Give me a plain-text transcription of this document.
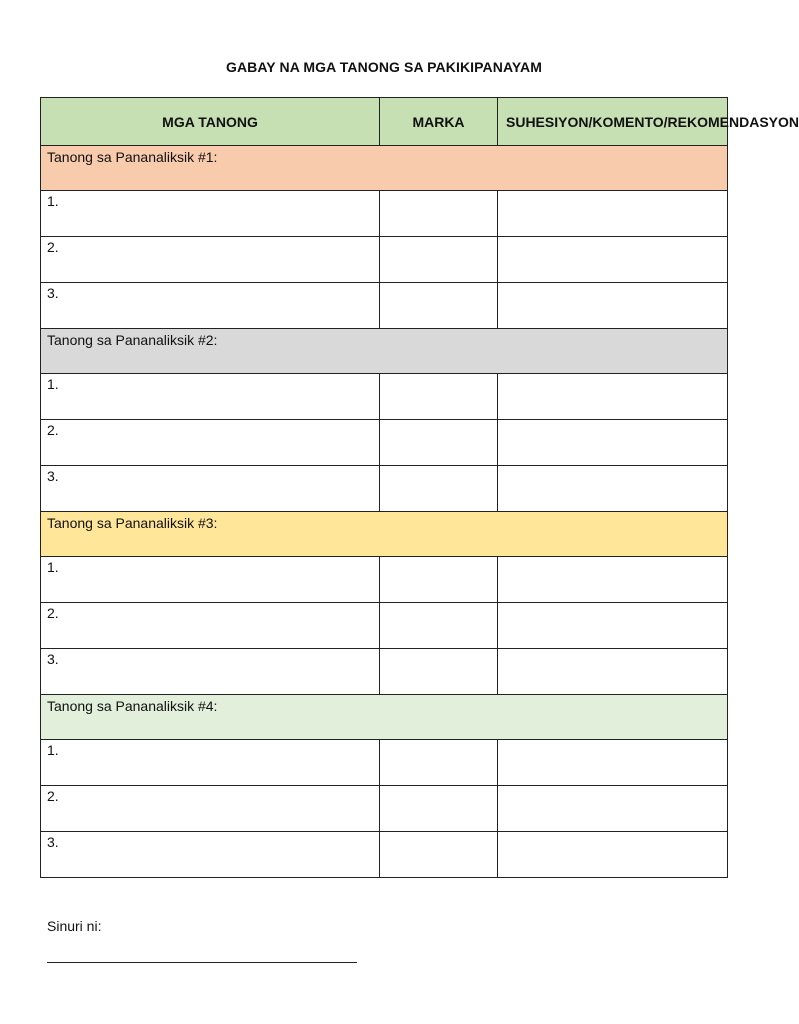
GABAY NA MGA TANONG SA PAKIKIPANAYAM
MGA TANONG	MARKA	SUHESIYON/KOMENTO/REKOMENDASYON
Tanong sa Pananaliksik #1:		
1.		
2.		
3.		
Tanong sa Pananaliksik #2:		
1.		
2.		
3.		
Tanong sa Pananaliksik #3:		
1.		
2.		
3.		
Tanong sa Pananaliksik #4:		
1.		
2.		
3.		
Sinuri ni:
